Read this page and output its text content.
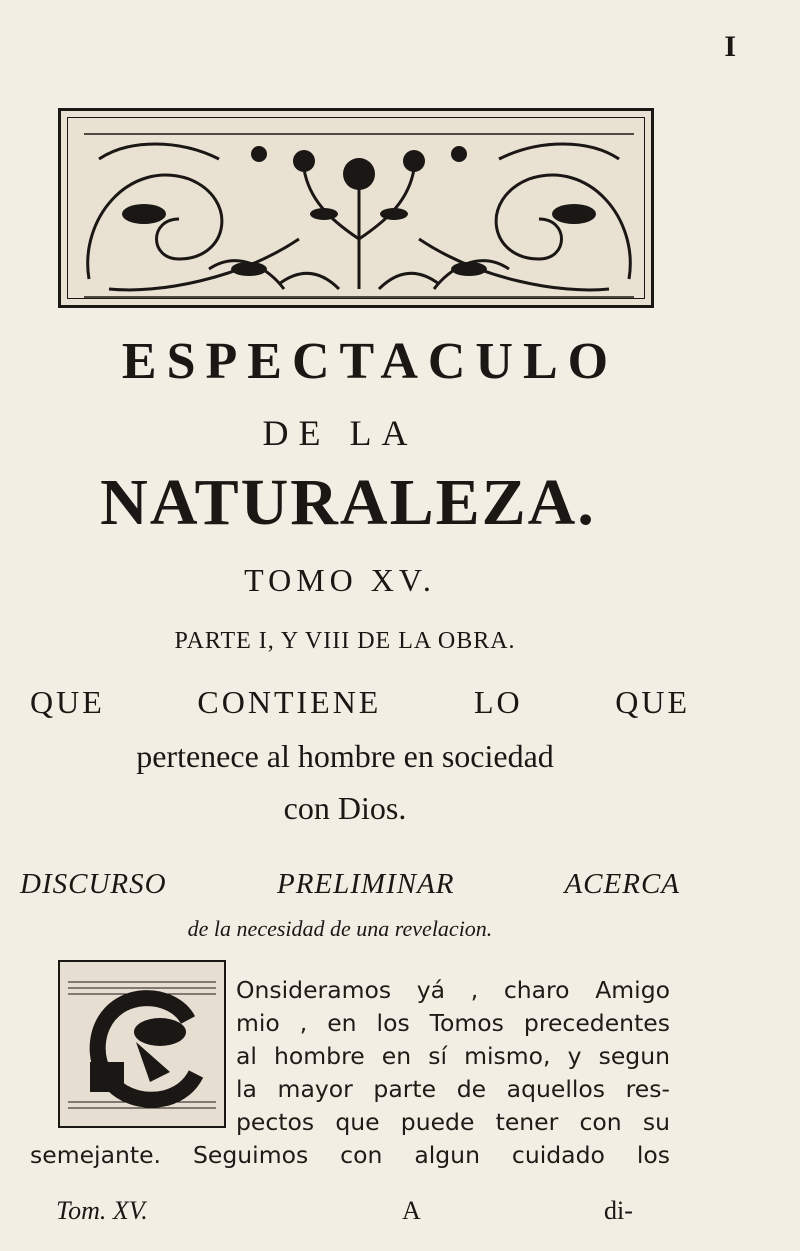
I
ESPECTACULO
DE LA
NATURALEZA.
TOMO XV.
PARTE I, Y VIII DE LA OBRA.
QUE CONTIENE LO QUE
pertenece al hombre en sociedad
con Dios.
DISCURSO PRELIMINAR ACERCA
de la necesidad de una revelacion.
Onsideramos yá , charo Amigo
mio , en los Tomos precedentes
al hombre en sí mismo, y segun
la mayor parte de aquellos res-
pectos que puede tener con su
semejante. Seguimos con algun cuidado los
Tom. XV.	A	di-
